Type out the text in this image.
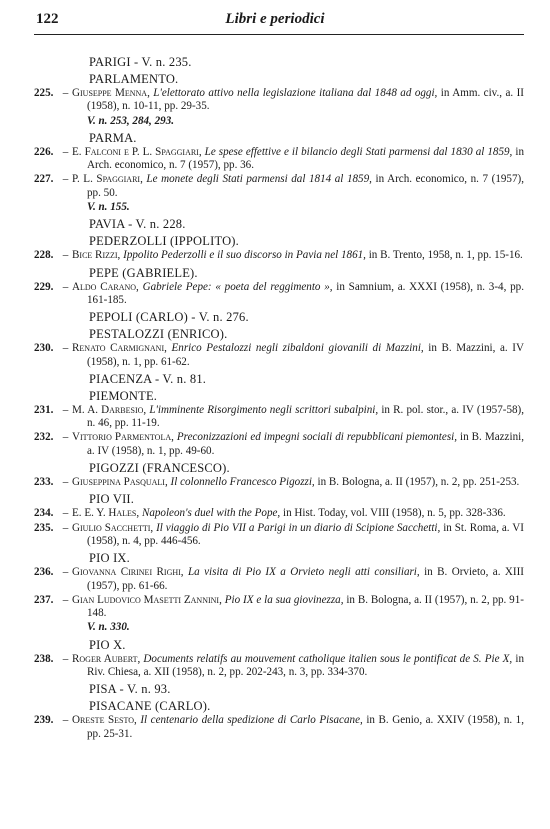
122	Libri e periodici
PARIGI - V. n. 235.
PARLAMENTO.
225. – Giuseppe Menna, L'elettorato attivo nella legislazione italiana dal 1848 ad oggi, in Amm. civ., a. II (1958), n. 10-11, pp. 29-35.
V. n. 253, 284, 293.
PARMA.
226. – E. Falconi e P. L. Spaggiari, Le spese effettive e il bilancio degli Stati parmensi dal 1830 al 1859, in Arch. economico, n. 7 (1957), pp. 36.
227. – P. L. Spaggiari, Le monete degli Stati parmensi dal 1814 al 1859, in Arch. economico, n. 7 (1957), pp. 50.
V. n. 155.
PAVIA - V. n. 228.
PEDERZOLLI (IPPOLITO).
228. – Bice Rizzi, Ippolito Pederzolli e il suo discorso in Pavia nel 1861, in B. Trento, 1958, n. 1, pp. 15-16.
PEPE (GABRIELE).
229. – Aldo Carano, Gabriele Pepe: « poeta del reggimento », in Samnium, a. XXXI (1958), n. 3-4, pp. 161-185.
PEPOLI (CARLO) - V. n. 276.
PESTALOZZI (ENRICO).
230. – Renato Carmignani, Enrico Pestalozzi negli zibaldoni giovanili di Mazzini, in B. Mazzini, a. IV (1958), n. 1, pp. 61-62.
PIACENZA - V. n. 81.
PIEMONTE.
231. – M. A. Darbesio, L'imminente Risorgimento negli scrittori subalpini, in R. pol. stor., a. IV (1957-58), n. 46, pp. 11-19.
232. – Vittorio Parmentola, Preconizzazioni ed impegni sociali di repubblicani piemontesi, in B. Mazzini, a. IV (1958), n. 1, pp. 49-60.
PIGOZZI (FRANCESCO).
233. – Giuseppina Pasquali, Il colonnello Francesco Pigozzi, in B. Bologna, a. II (1957), n. 2, pp. 251-253.
PIO VII.
234. – E. E. Y. Hales, Napoleon's duel with the Pope, in Hist. Today, vol. VIII (1958), n. 5, pp. 328-336.
235. – Giulio Sacchetti, Il viaggio di Pio VII a Parigi in un diario di Scipione Sacchetti, in St. Roma, a. VI (1958), n. 4, pp. 446-456.
PIO IX.
236. – Giovanna Cirinei Righi, La visita di Pio IX a Orvieto negli atti consiliari, in B. Orvieto, a. XIII (1957), pp. 61-66.
237. – Gian Ludovico Masetti Zannini, Pio IX e la sua giovinezza, in B. Bologna, a. II (1957), n. 2, pp. 91-148.
V. n. 330.
PIO X.
238. – Roger Aubert, Documents relatifs au mouvement catholique italien sous le pontificat de S. Pie X, in Riv. Chiesa, a. XII (1958), n. 2, pp. 202-243, n. 3, pp. 334-370.
PISA - V. n. 93.
PISACANE (CARLO).
239. – Oreste Sesto, Il centenario della spedizione di Carlo Pisacane, in B. Genio, a. XXIV (1958), n. 1, pp. 25-31.
